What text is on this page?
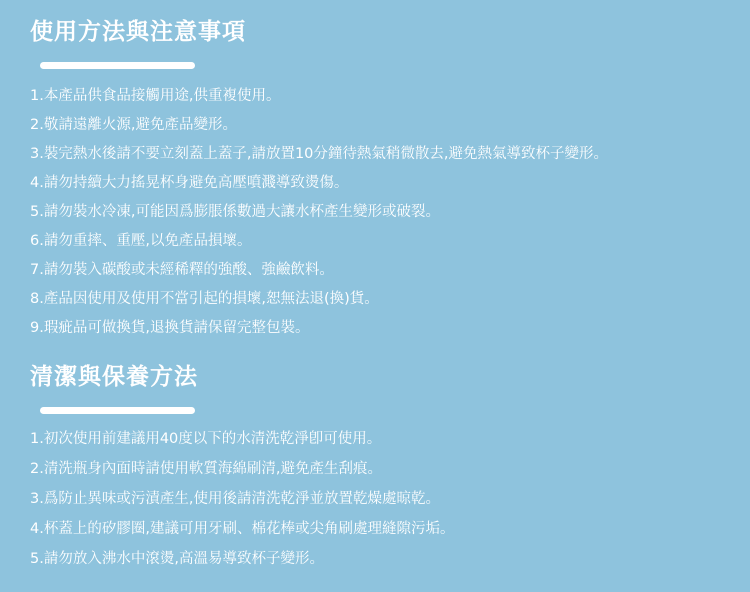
使用方法與注意事項
1.本產品供食品接觸用途,供重複使用。
2.敬請遠離火源,避免產品變形。
3.裝完熱水後請不要立刻蓋上蓋子,請放置10分鐘待熱氣稍微散去,避免熱氣導致杯子變形。
4.請勿持續大力搖晃杯身避免高壓噴濺導致燙傷。
5.請勿裝水冷凍,可能因爲膨脹係數過大讓水杯產生變形或破裂。
6.請勿重摔、重壓,以免產品損壞。
7.請勿裝入碳酸或未經稀釋的強酸、強鹼飲料。
8.產品因使用及使用不當引起的損壞,恕無法退(換)貨。
9.瑕疵品可做換貨,退換貨請保留完整包裝。
清潔與保養方法
1.初次使用前建議用40度以下的水清洗乾淨卽可使用。
2.清洗瓶身內面時請使用軟質海綿刷清,避免產生刮痕。
3.爲防止異味或污漬產生,使用後請清洗乾淨並放置乾燥處晾乾。
4.杯蓋上的矽膠圈,建議可用牙刷、棉花棒或尖角刷處理縫隙污垢。
5.請勿放入沸水中滾燙,高溫易導致杯子變形。
